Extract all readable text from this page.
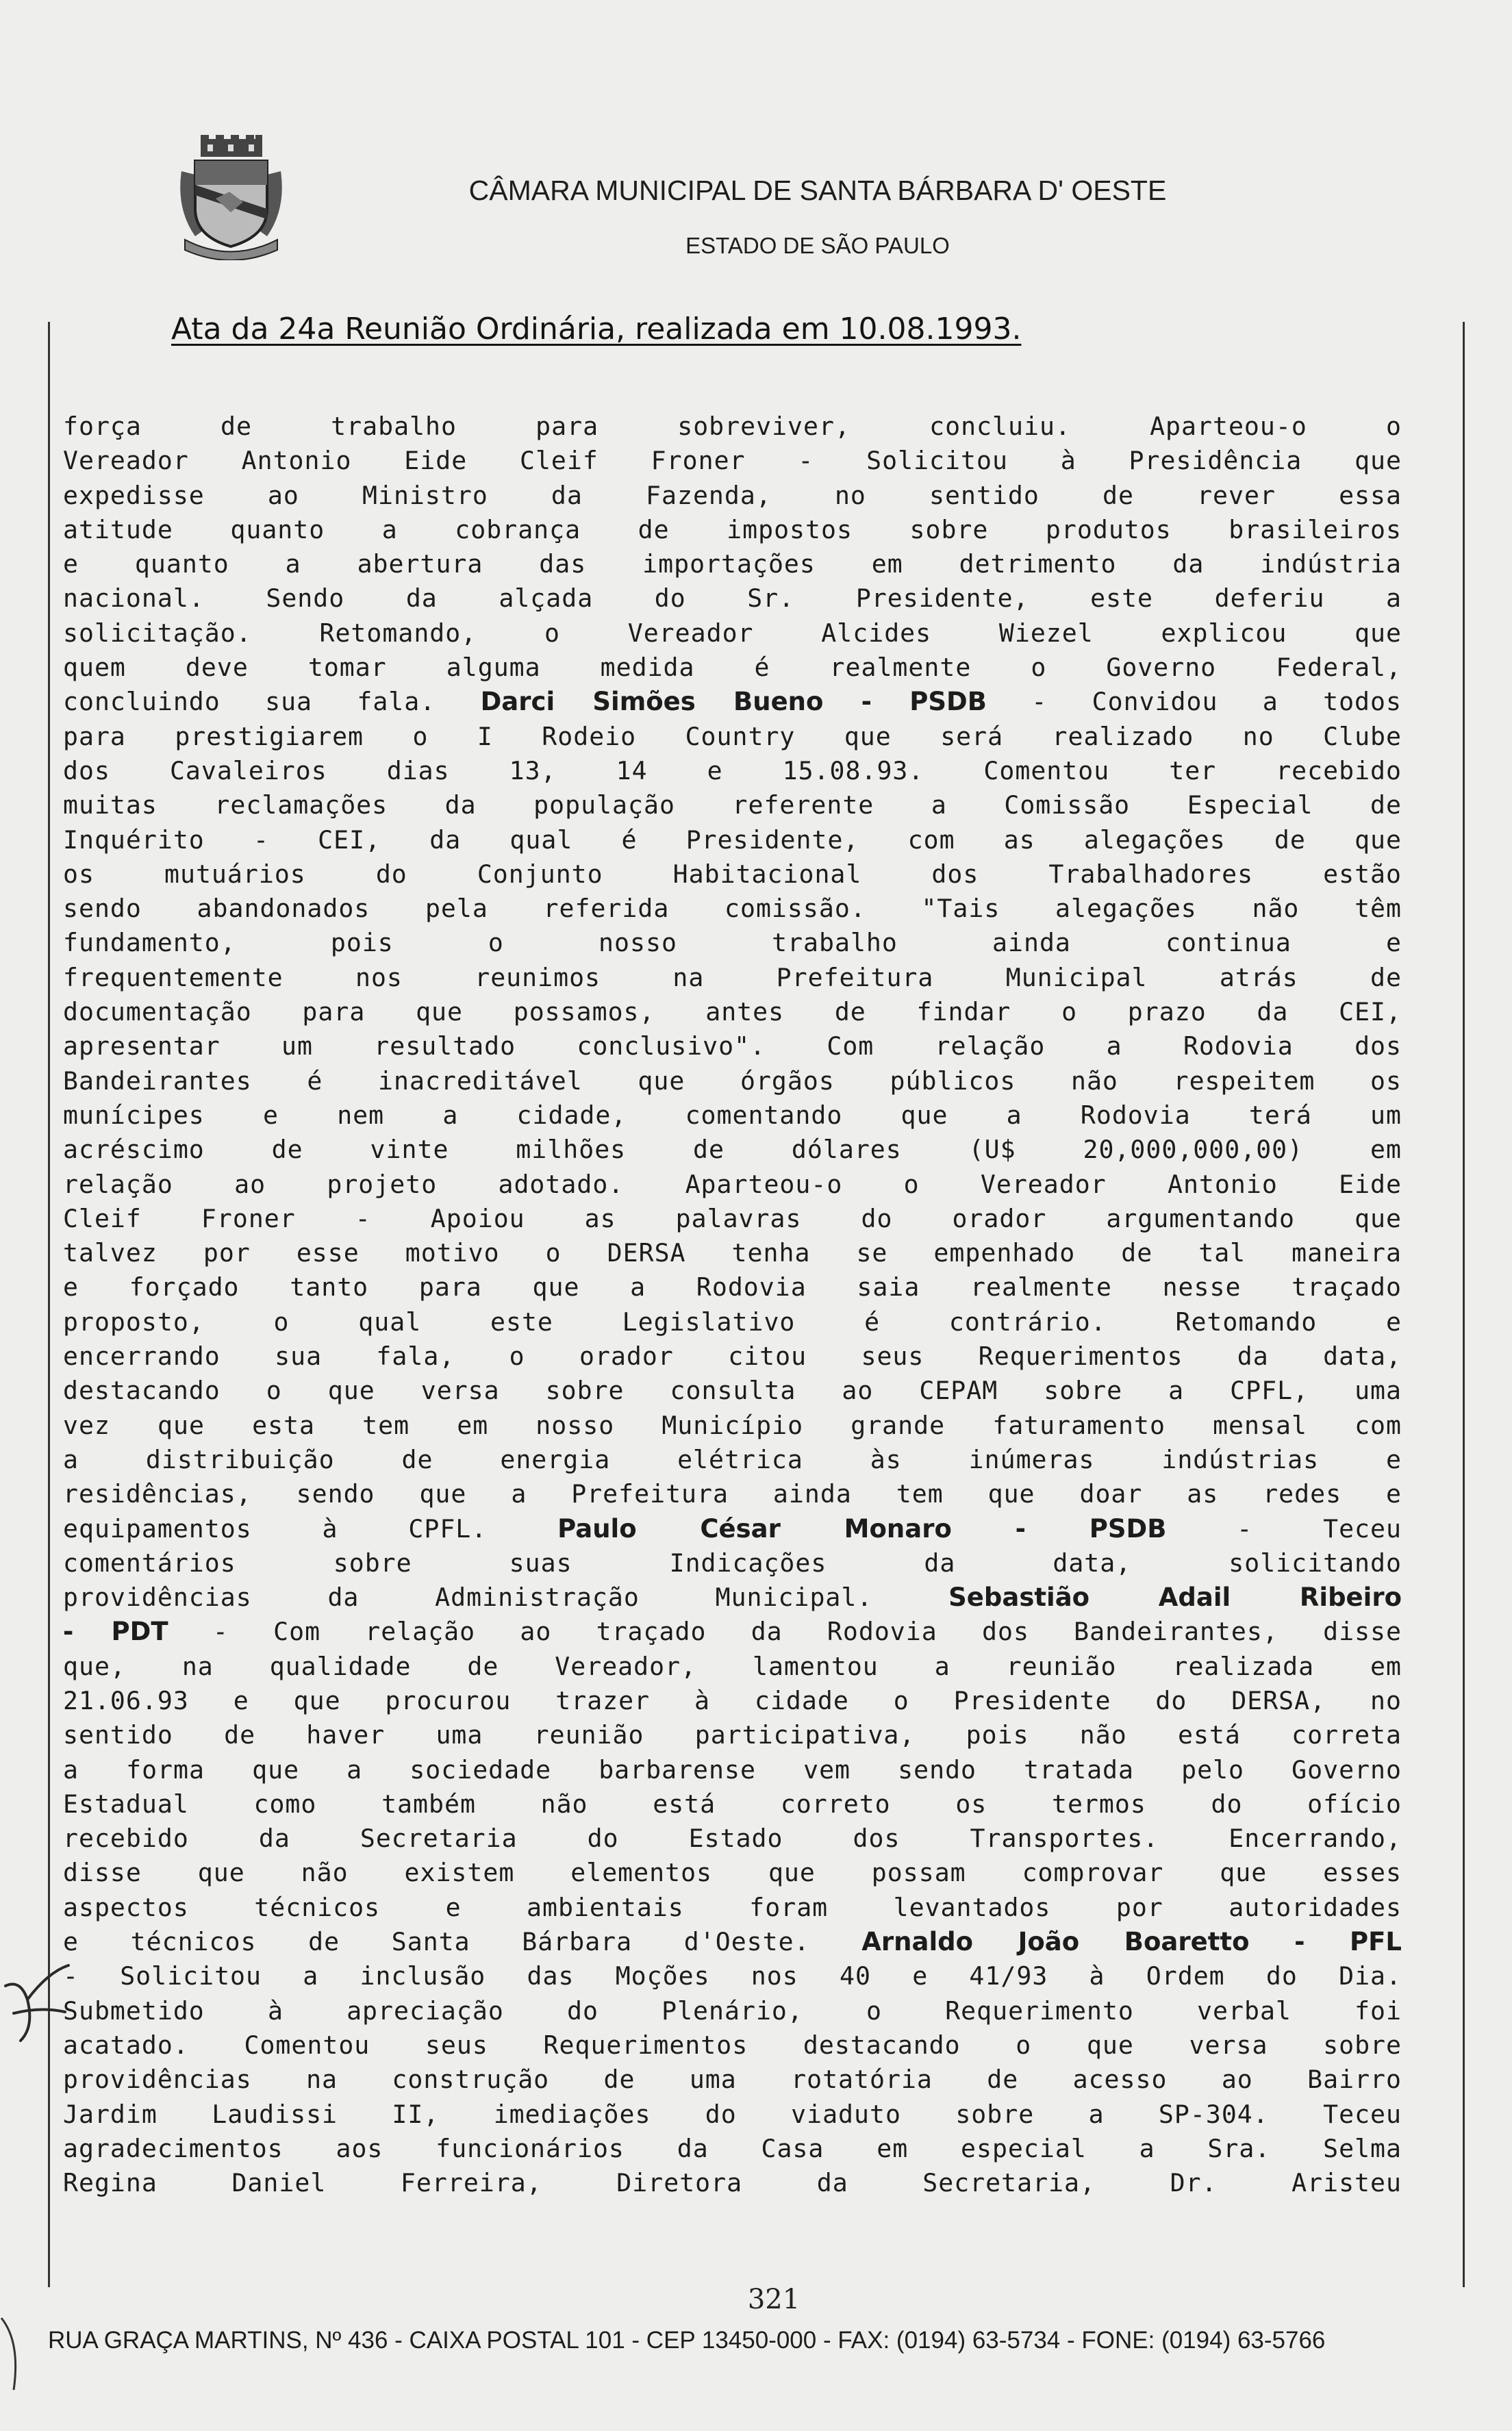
CÂMARA MUNICIPAL DE SANTA BÁRBARA D' OESTE
ESTADO DE SÃO PAULO
Ata da 24a Reunião Ordinária, realizada em 10.08.1993.
força de trabalho para sobreviver, concluiu. Aparteou-o o
Vereador Antonio Eide Cleif Froner - Solicitou à Presidência que
expedisse ao Ministro da Fazenda, no sentido de rever essa
atitude quanto a cobrança de impostos sobre produtos brasileiros
e quanto a abertura das importações em detrimento da indústria
nacional. Sendo da alçada do Sr. Presidente, este deferiu a
solicitação. Retomando, o Vereador Alcides Wiezel explicou que
quem deve tomar alguma medida é realmente o Governo Federal,
concluindo sua fala. Darci Simões Bueno - PSDB - Convidou a todos
para prestigiarem o I Rodeio Country que será realizado no Clube
dos Cavaleiros dias 13, 14 e 15.08.93. Comentou ter recebido
muitas reclamações da população referente a Comissão Especial de
Inquérito - CEI, da qual é Presidente, com as alegações de que
os mutuários do Conjunto Habitacional dos Trabalhadores estão
sendo abandonados pela referida comissão. "Tais alegações não têm
fundamento, pois o nosso trabalho ainda continua e
frequentemente nos reunimos na Prefeitura Municipal atrás de
documentação para que possamos, antes de findar o prazo da CEI,
apresentar um resultado conclusivo". Com relação a Rodovia dos
Bandeirantes é inacreditável que órgãos públicos não respeitem os
munícipes e nem a cidade, comentando que a Rodovia terá um
acréscimo de vinte milhões de dólares (U$ 20,000,000,00) em
relação ao projeto adotado. Aparteou-o o Vereador Antonio Eide
Cleif Froner - Apoiou as palavras do orador argumentando que
talvez por esse motivo o DERSA tenha se empenhado de tal maneira
e forçado tanto para que a Rodovia saia realmente nesse traçado
proposto, o qual este Legislativo é contrário. Retomando e
encerrando sua fala, o orador citou seus Requerimentos da data,
destacando o que versa sobre consulta ao CEPAM sobre a CPFL, uma
vez que esta tem em nosso Município grande faturamento mensal com
a distribuição de energia elétrica às inúmeras indústrias e
residências, sendo que a Prefeitura ainda tem que doar as redes e
equipamentos à CPFL. Paulo César Monaro - PSDB - Teceu
comentários sobre suas Indicações da data, solicitando
providências da Administração Municipal. Sebastião Adail Ribeiro
- PDT - Com relação ao traçado da Rodovia dos Bandeirantes, disse
que, na qualidade de Vereador, lamentou a reunião realizada em
21.06.93 e que procurou trazer à cidade o Presidente do DERSA, no
sentido de haver uma reunião participativa, pois não está correta
a forma que a sociedade barbarense vem sendo tratada pelo Governo
Estadual como também não está correto os termos do ofício
recebido da Secretaria do Estado dos Transportes. Encerrando,
disse que não existem elementos que possam comprovar que esses
aspectos técnicos e ambientais foram levantados por autoridades
e técnicos de Santa Bárbara d'Oeste. Arnaldo João Boaretto - PFL
- Solicitou a inclusão das Moções nos 40 e 41/93 à Ordem do Dia.
Submetido à apreciação do Plenário, o Requerimento verbal foi
acatado. Comentou seus Requerimentos destacando o que versa sobre
providências na construção de uma rotatória de acesso ao Bairro
Jardim Laudissi II, imediações do viaduto sobre a SP-304. Teceu
agradecimentos aos funcionários da Casa em especial a Sra. Selma
Regina Daniel Ferreira, Diretora da Secretaria, Dr. Aristeu
321
RUA GRAÇA MARTINS, Nº 436 - CAIXA POSTAL 101 - CEP 13450-000 - FAX: (0194) 63-5734 - FONE: (0194) 63-5766
